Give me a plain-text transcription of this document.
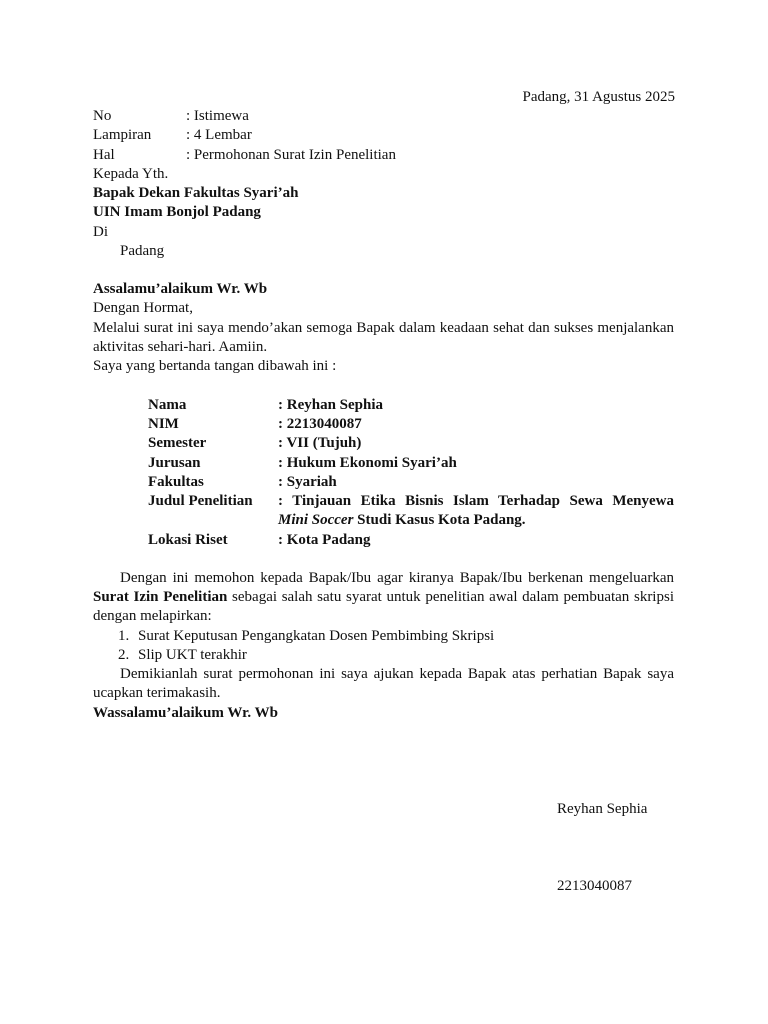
Padang, 31 Agustus 2025
No	: Istimewa
Lampiran : 4 Lembar
Hal	: Permohonan Surat Izin Penelitian
Kepada Yth.
Bapak Dekan Fakultas Syari’ah
UIN Imam Bonjol Padang
Di
Padang
Assalamu’alaikum Wr. Wb
Dengan Hormat,
Melalui surat ini saya mendo’akan semoga Bapak dalam keadaan sehat dan sukses menjalankan aktivitas sehari-hari. Aamiin.
Saya yang bertanda tangan dibawah ini :
Nama	: Reyhan Sephia
NIM	: 2213040087
Semester	: VII (Tujuh)
Jurusan	: Hukum Ekonomi Syari’ah
Fakultas	: Syariah
Judul Penelitian : Tinjauan Etika Bisnis Islam Terhadap Sewa Menyewa
Mini Soccer Studi Kasus Kota Padang.
Lokasi Riset	: Kota Padang
Dengan ini memohon kepada Bapak/Ibu agar kiranya Bapak/Ibu berkenan mengeluarkan Surat Izin Penelitian sebagai salah satu syarat untuk penelitian awal dalam pembuatan skripsi dengan melapirkan:
1. Surat Keputusan Pengangkatan Dosen Pembimbing Skripsi
2. Slip UKT terakhir
Demikianlah surat permohonan ini saya ajukan kepada Bapak atas perhatian Bapak saya ucapkan terimakasih.
Wassalamu’alaikum Wr. Wb
Reyhan Sephia
2213040087
